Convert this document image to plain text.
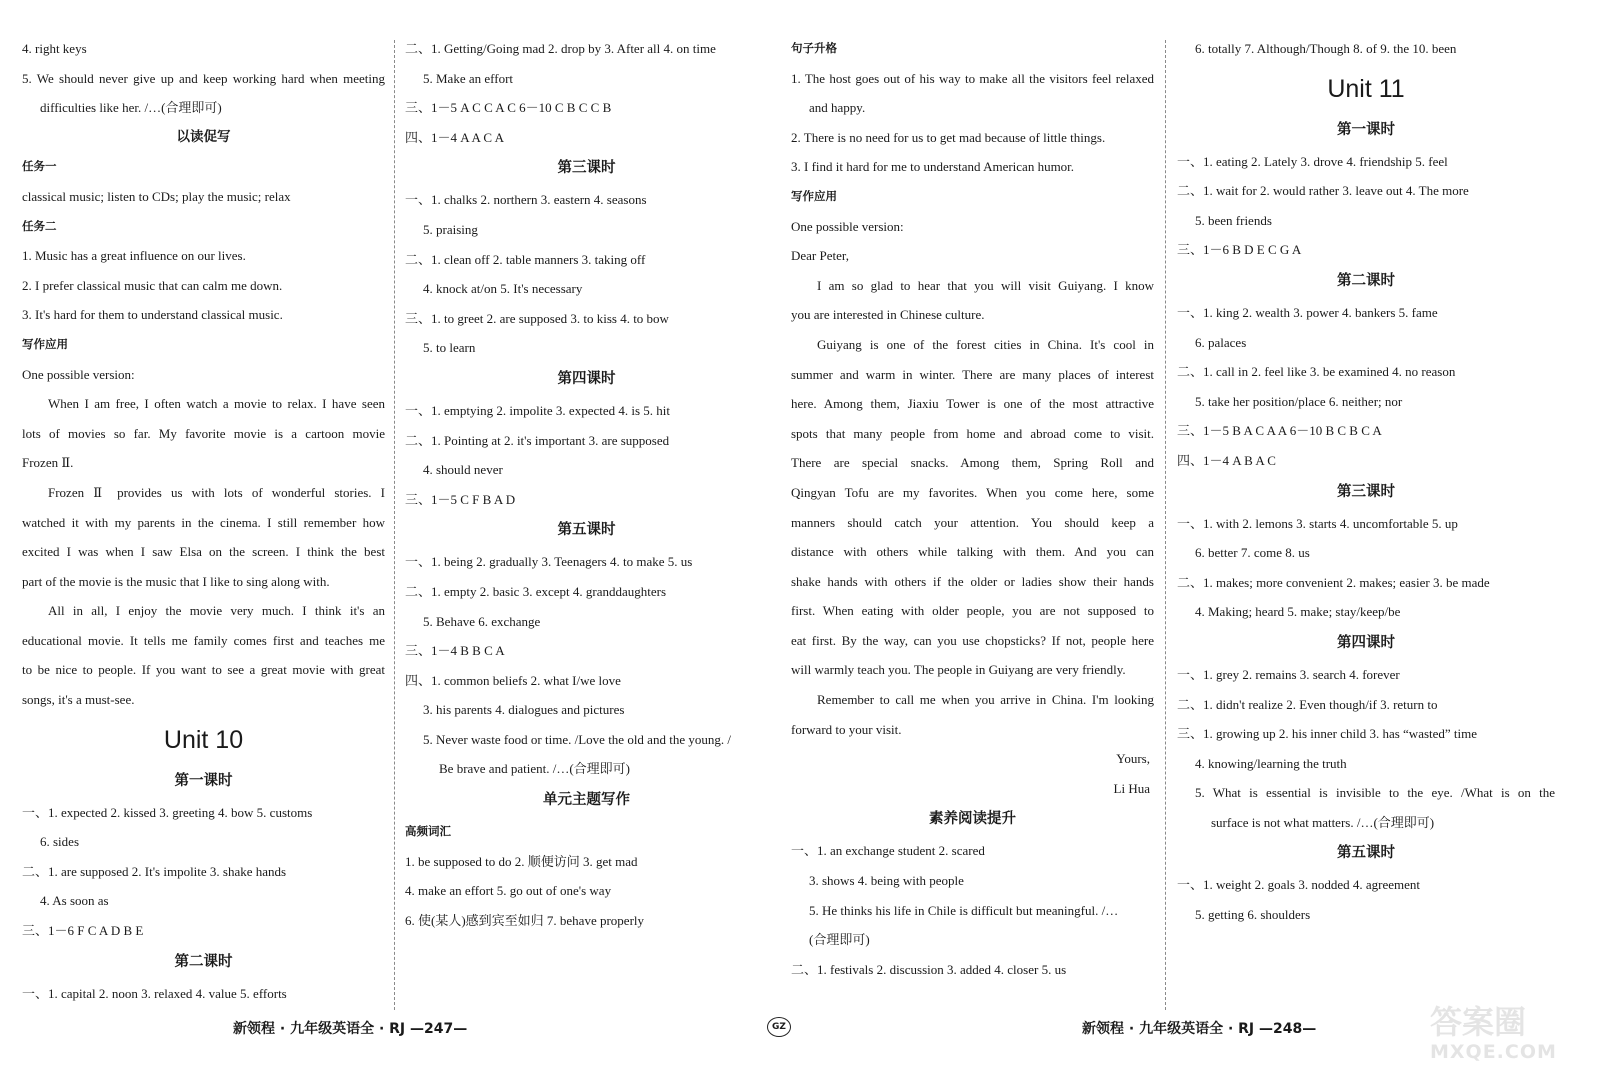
4. right keys
5. We should never give up and keep working hard when meeting
difficulties like her. /…(合理即可)
以读促写
任务一
classical music; listen to CDs; play the music; relax
任务二
1. Music has a great influence on our lives.
2. I prefer classical music that can calm me down.
3. It's hard for them to understand classical music.
写作应用
One possible version:
When I am free, I often watch a movie to relax. I have seen
lots of movies so far. My favorite movie is a cartoon movie
Frozen Ⅱ.
Frozen Ⅱ provides us with lots of wonderful stories. I
watched it with my parents in the cinema. I still remember how
excited I was when I saw Elsa on the screen. I think the best
part of the movie is the music that I like to sing along with.
All in all, I enjoy the movie very much. I think it's an
educational movie. It tells me family comes first and teaches me
to be nice to people. If you want to see a great movie with great
songs, it's a must-see.
Unit 10
第一课时
一、1. expected 2. kissed 3. greeting 4. bow 5. customs
6. sides
二、1. are supposed 2. It's impolite 3. shake hands
4. As soon as
三、1－6 F C A D B E
第二课时
一、1. capital 2. noon 3. relaxed 4. value 5. efforts
二、1. Getting/Going mad 2. drop by 3. After all 4. on time
5. Make an effort
三、1－5 A C C A C 6－10 C B C C B
四、1－4 A A C A
第三课时
一、1. chalks 2. northern 3. eastern 4. seasons
5. praising
二、1. clean off 2. table manners 3. taking off
4. knock at/on 5. It's necessary
三、1. to greet 2. are supposed 3. to kiss 4. to bow
5. to learn
第四课时
一、1. emptying 2. impolite 3. expected 4. is 5. hit
二、1. Pointing at 2. it's important 3. are supposed
4. should never
三、1－5 C F B A D
第五课时
一、1. being 2. gradually 3. Teenagers 4. to make 5. us
二、1. empty 2. basic 3. except 4. granddaughters
5. Behave 6. exchange
三、1－4 B B C A
四、1. common beliefs 2. what I/we love
3. his parents 4. dialogues and pictures
5. Never waste food or time. /Love the old and the young. /
Be brave and patient. /…(合理即可)
单元主题写作
高频词汇
1. be supposed to do 2. 顺便访问 3. get mad
4. make an effort 5. go out of one's way
6. 使(某人)感到宾至如归 7. behave properly
句子升格
1. The host goes out of his way to make all the visitors feel relaxed
and happy.
2. There is no need for us to get mad because of little things.
3. I find it hard for me to understand American humor.
写作应用
One possible version:
Dear Peter,
I am so glad to hear that you will visit Guiyang. I know
you are interested in Chinese culture.
Guiyang is one of the forest cities in China. It's cool in
summer and warm in winter. There are many places of interest
here. Among them, Jiaxiu Tower is one of the most attractive
spots that many people from home and abroad come to visit.
There are special snacks. Among them, Spring Roll and
Qingyan Tofu are my favorites. When you come here, some
manners should catch your attention. You should keep a
distance with others while talking with them. And you can
shake hands with others if the older or ladies show their hands
first. When eating with older people, you are not supposed to
eat first. By the way, can you use chopsticks? If not, people here
will warmly teach you. The people in Guiyang are very friendly.
Remember to call me when you arrive in China. I'm looking
forward to your visit.
Yours,
Li Hua
素养阅读提升
一、1. an exchange student 2. scared
3. shows 4. being with people
5. He thinks his life in Chile is difficult but meaningful. /…
(合理即可)
二、1. festivals 2. discussion 3. added 4. closer 5. us
6. totally 7. Although/Though 8. of 9. the 10. been
Unit 11
第一课时
一、1. eating 2. Lately 3. drove 4. friendship 5. feel
二、1. wait for 2. would rather 3. leave out 4. The more
5. been friends
三、1－6 B D E C G A
第二课时
一、1. king 2. wealth 3. power 4. bankers 5. fame
6. palaces
二、1. call in 2. feel like 3. be examined 4. no reason
5. take her position/place 6. neither; nor
三、1－5 B A C A A 6－10 B C B C A
四、1－4 A B A C
第三课时
一、1. with 2. lemons 3. starts 4. uncomfortable 5. up
6. better 7. come 8. us
二、1. makes; more convenient 2. makes; easier 3. be made
4. Making; heard 5. make; stay/keep/be
第四课时
一、1. grey 2. remains 3. search 4. forever
二、1. didn't realize 2. Even though/if 3. return to
三、1. growing up 2. his inner child 3. has “wasted” time
4. knowing/learning the truth
5. What is essential is invisible to the eye. /What is on the
surface is not what matters. /…(合理即可)
第五课时
一、1. weight 2. goals 3. nodded 4. agreement
5. getting 6. shoulders
新领程 · 九年级英语全 · RJ —247—	GZ	新领程 · 九年级英语全 · RJ —248—	答案圈
MXQE.COM
